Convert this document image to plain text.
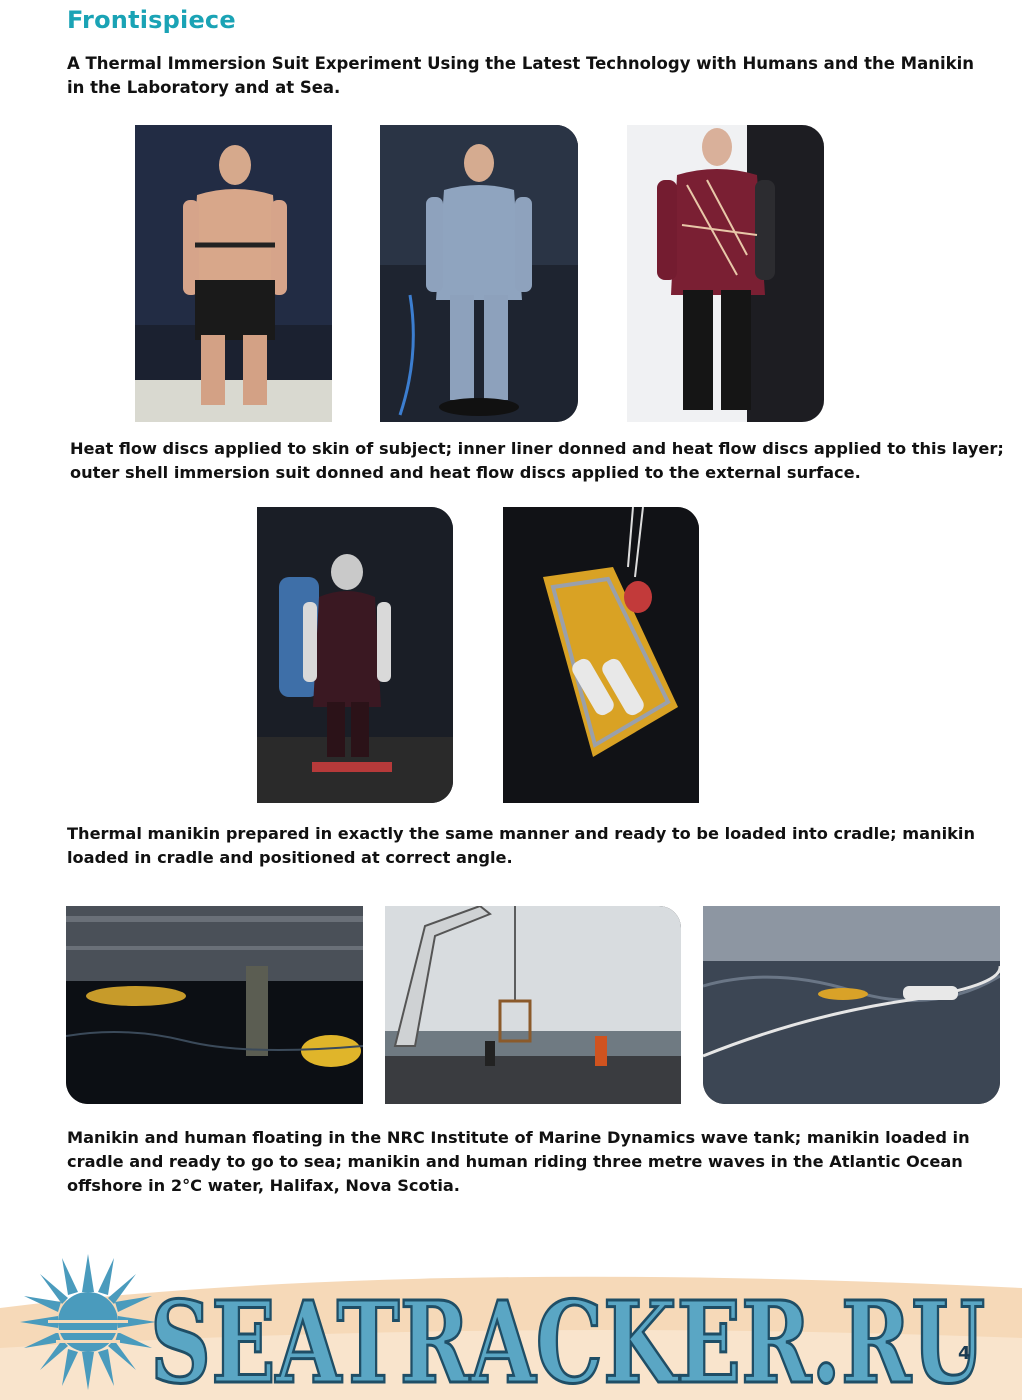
Frontispiece
A Thermal Immersion Suit Experiment Using the Latest Technology with Humans and the Manikin in the Laboratory and at Sea.
Heat flow discs applied to skin of subject; inner liner donned and heat flow discs applied to this layer; outer shell immersion suit donned and heat flow discs applied to the external surface.
Thermal manikin prepared in exactly the same manner and ready to be loaded into cradle; manikin loaded in cradle and positioned at correct angle.
Manikin and human floating in the NRC Institute of Marine Dynamics wave tank; manikin loaded in cradle and ready to go to sea; manikin and human riding three metre waves in the Atlantic Ocean offshore in 2°C water, Halifax, Nova Scotia.
SEATRACKER.RU
4
